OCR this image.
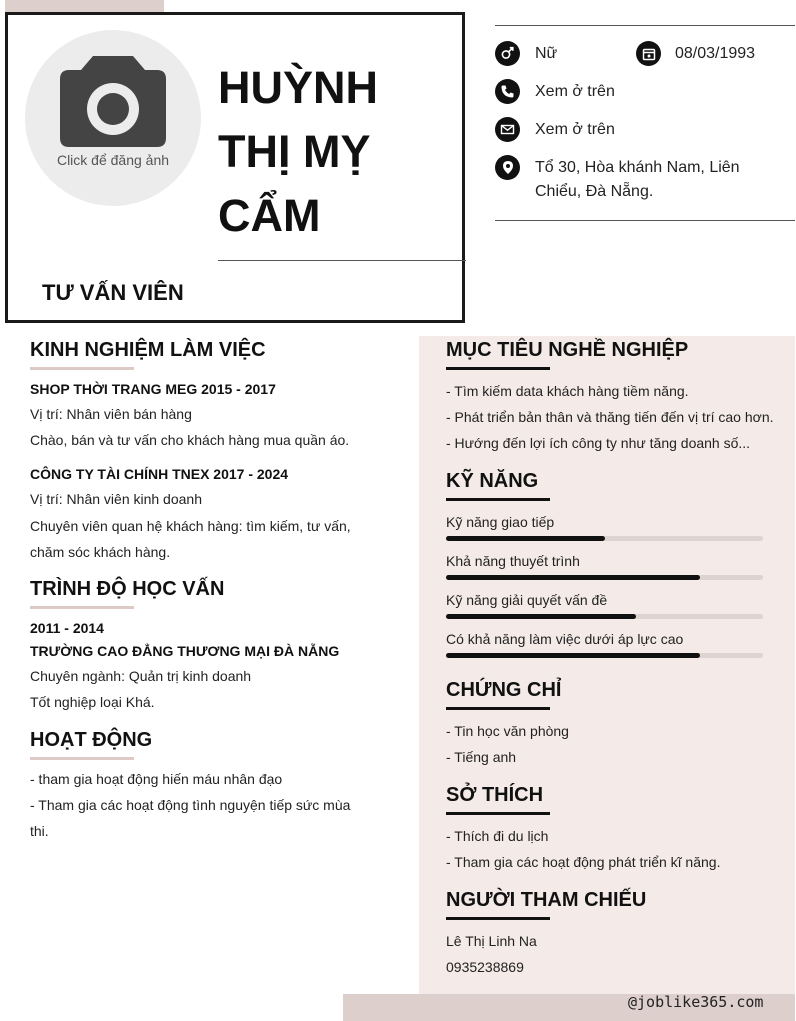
Click để đăng ảnh
HUỲNH
THỊ MỴ
CẨM
TƯ VẤN VIÊN
Nữ	08/03/1993
Xem ở trên
Xem ở trên
Tổ 30, Hòa khánh Nam, Liên Chiểu, Đà Nẵng.
KINH NGHIỆM LÀM VIỆC
SHOP THỜI TRANG MEG 2015 - 2017
Vị trí: Nhân viên bán hàng
Chào, bán và tư vấn cho khách hàng mua quần áo.
CÔNG TY TÀI CHÍNH TNEX 2017 - 2024
Vị trí: Nhân viên kinh doanh
Chuyên viên quan hệ khách hàng: tìm kiếm, tư vấn, chăm sóc khách hàng.
TRÌNH ĐỘ HỌC VẤN
2011 - 2014
TRƯỜNG CAO ĐẲNG THƯƠNG MẠI ĐÀ NẴNG
Chuyên ngành: Quản trị kinh doanh
Tốt nghiệp loại Khá.
HOẠT ĐỘNG
- tham gia hoạt động hiến máu nhân đạo
- Tham gia các hoạt động tình nguyện tiếp sức mùa thi.
MỤC TIÊU NGHỀ NGHIỆP
- Tìm kiếm data khách hàng tiềm năng.
- Phát triển bản thân và thăng tiến đến vị trí cao hơn.
- Hướng đến lợi ích công ty như tăng doanh số...
KỸ NĂNG
Kỹ năng giao tiếp
Khả năng thuyết trình
Kỹ năng giải quyết vấn đề
Có khả năng làm việc dưới áp lực cao
CHỨNG CHỈ
- Tin học văn phòng
- Tiếng anh
SỞ THÍCH
- Thích đi du lịch
- Tham gia các hoạt động phát triển kĩ năng.
NGƯỜI THAM CHIẾU
Lê Thị Linh Na
0935238869
@joblike365.com
